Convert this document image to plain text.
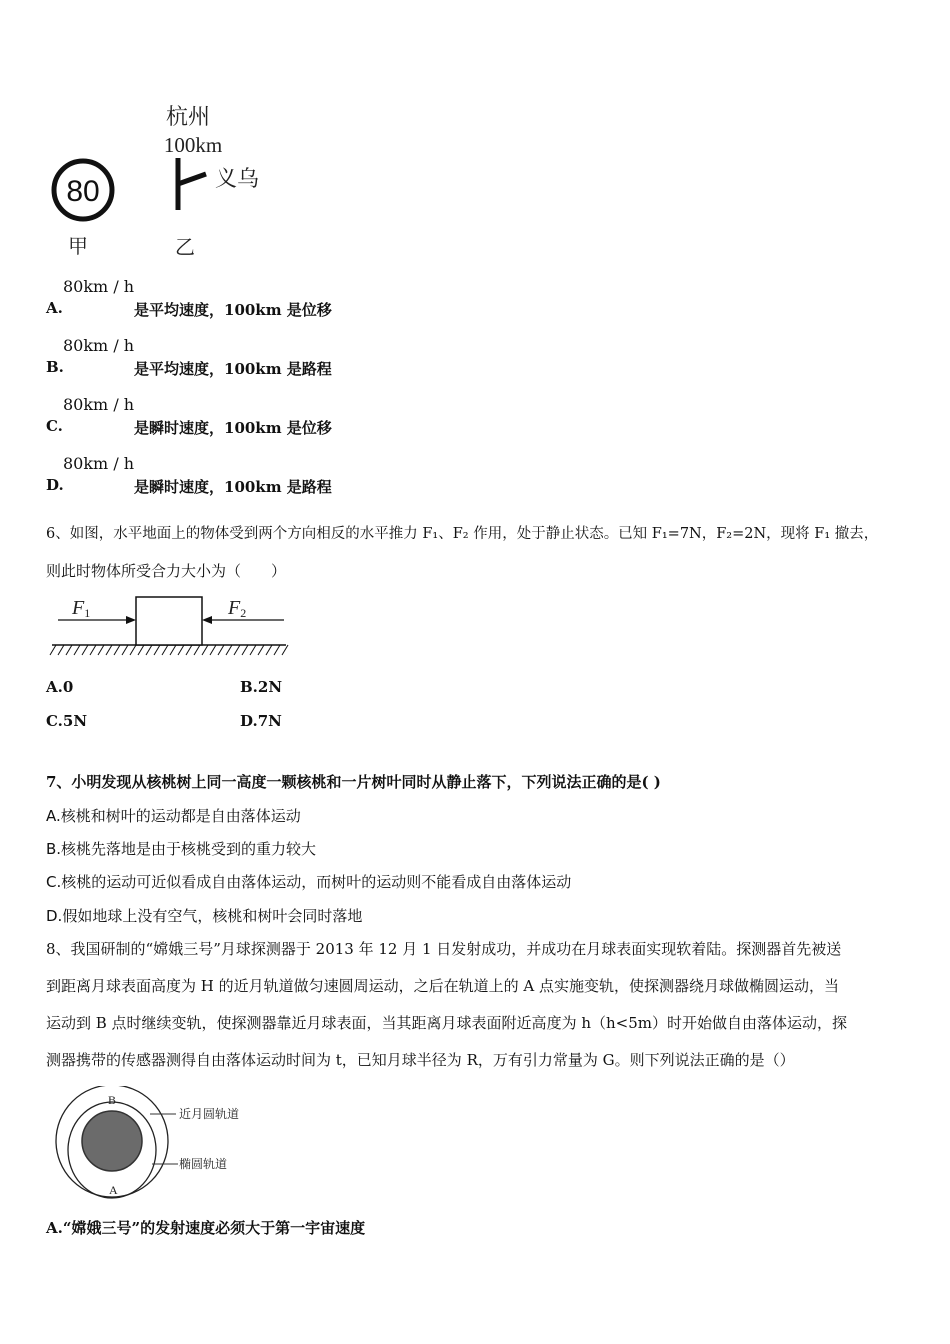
80
甲
杭州
100km
义乌
乙
A.
80km / h
是平均速度，100km 是位移
B.
80km / h
是平均速度，100km 是路程
C.
80km / h
是瞬时速度，100km 是位移
D.
80km / h
是瞬时速度，100km 是路程
6、如图，水平地面上的物体受到两个方向相反的水平推力 F₁、F₂ 作用，处于静止状态。已知 F₁=7N，F₂=2N，现将 F₁ 撤去，
则此时物体所受合力大小为（　　）
F1	F2
A.0	B.2N
C.5N	D.7N
7、小明发现从核桃树上同一高度一颗核桃和一片树叶同时从静止落下，下列说法正确的是( )
A.核桃和树叶的运动都是自由落体运动
B.核桃先落地是由于核桃受到的重力较大
C.核桃的运动可近似看成自由落体运动，而树叶的运动则不能看成自由落体运动
D.假如地球上没有空气，核桃和树叶会同时落地
8、我国研制的“嫦娥三号”月球探测器于 2013 年 12 月 1 日发射成功，并成功在月球表面实现软着陆。探测器首先被送
到距离月球表面高度为 H 的近月轨道做匀速圆周运动，之后在轨道上的 A 点实施变轨，使探测器绕月球做椭圆运动，当
运动到 B 点时继续变轨，使探测器靠近月球表面，当其距离月球表面附近高度为 h（h<5m）时开始做自由落体运动，探
测器携带的传感器测得自由落体运动时间为 t，已知月球半径为 R，万有引力常量为 G。则下列说法正确的是（）
B
A
近月圆轨道
椭圆轨道
A.“嫦娥三号”的发射速度必须大于第一宇宙速度
